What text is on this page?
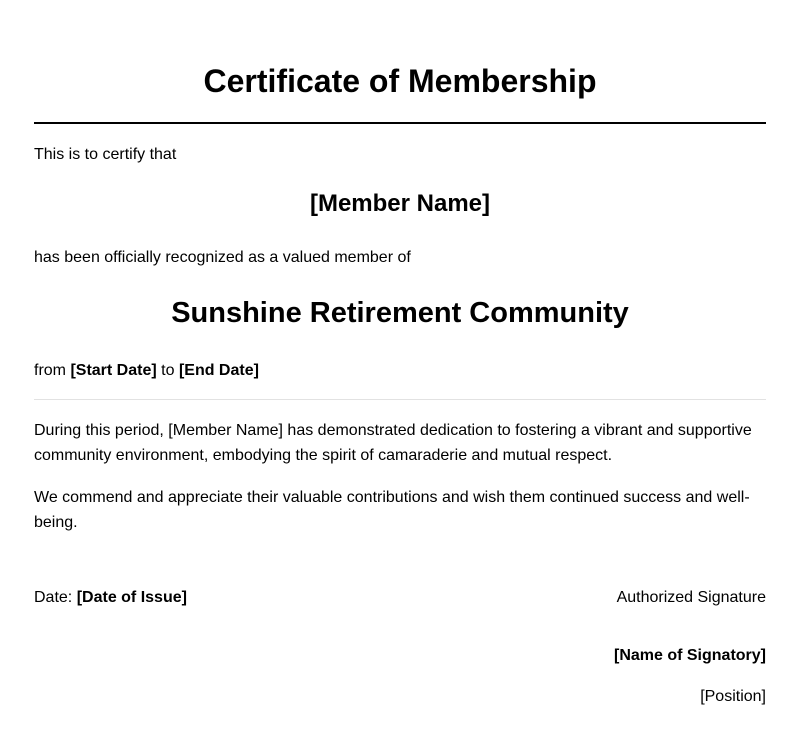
Certificate of Membership

This is to certify that

[Member Name]

has been officially recognized as a valued member of

Sunshine Retirement Community

from [Start Date] to [End Date]

During this period, [Member Name] has demonstrated dedication to fostering a vibrant and supportive community environment, embodying the spirit of camaraderie and mutual respect.

We commend and appreciate their valuable contributions and wish them continued success and well-being.

Date: [Date of Issue]	Authorized Signature
[Name of Signatory]
[Position]
